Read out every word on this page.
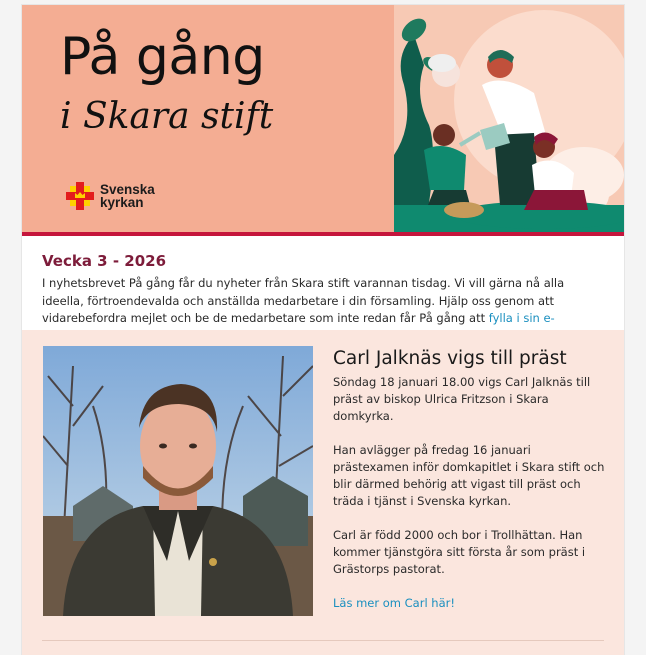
På gång
i Skara stift
Svenska
kyrkan
Vecka 3 - 2026
I nyhetsbrevet På gång får du nyheter från Skara stift varannan tisdag. Vi vill gärna nå alla ideella, förtroendevalda och anställda medarbetare i din församling. Hjälp oss genom att vidarebefordra mejlet och be de medarbetare som inte redan får På gång att fylla i sin e-
Carl Jalknäs vigs till präst

Söndag 18 januari 18.00 vigs Carl Jalknäs till präst av biskop Ulrica Fritzson i Skara domkyrka.

Han avlägger på fredag 16 januari prästexamen inför domkapitlet i Skara stift och blir därmed behörig att vigast till präst och träda i tjänst i Svenska kyrkan.

Carl är född 2000 och bor i Trollhättan. Han kommer tjänstgöra sitt första år som präst i Grästorps pastorat.

Läs mer om Carl här!
